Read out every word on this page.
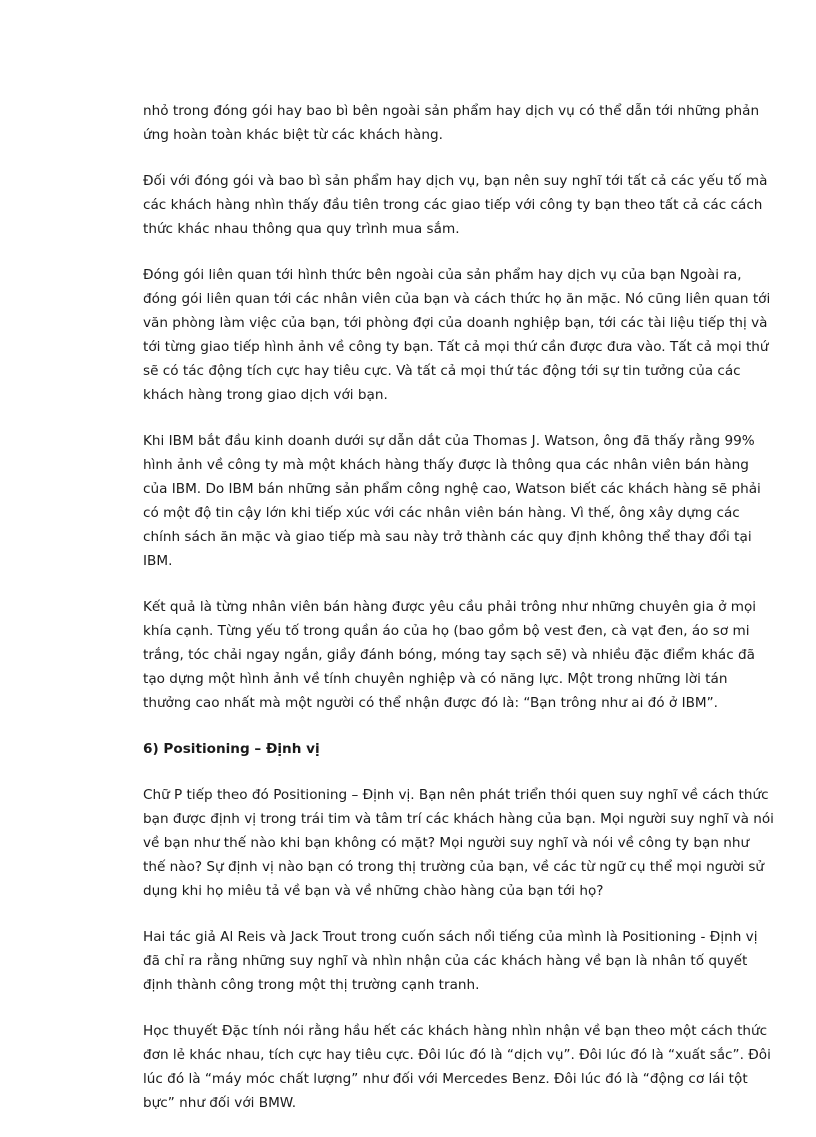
nhỏ trong đóng gói hay bao bì bên ngoài sản phẩm hay dịch vụ có thể dẫn tới những phản
ứng hoàn toàn khác biệt từ các khách hàng.

Đối với đóng gói và bao bì sản phẩm hay dịch vụ, bạn nên suy nghĩ tới tất cả các yếu tố mà
các khách hàng nhìn thấy đầu tiên trong các giao tiếp với công ty bạn theo tất cả các cách
thức khác nhau thông qua quy trình mua sắm.

Đóng gói liên quan tới hình thức bên ngoài của sản phẩm hay dịch vụ của bạn Ngoài ra,
đóng gói liên quan tới các nhân viên của bạn và cách thức họ ăn mặc. Nó cũng liên quan tới
văn phòng làm việc của bạn, tới phòng đợi của doanh nghiệp bạn, tới các tài liệu tiếp thị và
tới từng giao tiếp hình ảnh về công ty bạn. Tất cả mọi thứ cần được đưa vào. Tất cả mọi thứ
sẽ có tác động tích cực hay tiêu cực. Và tất cả mọi thứ tác động tới sự tin tưởng của các
khách hàng trong giao dịch với bạn.

Khi IBM bắt đầu kinh doanh dưới sự dẫn dắt của Thomas J. Watson, ông đã thấy rằng 99%
hình ảnh về công ty mà một khách hàng thấy được là thông qua các nhân viên bán hàng
của IBM. Do IBM bán những sản phẩm công nghệ cao, Watson biết các khách hàng sẽ phải
có một độ tin cậy lớn khi tiếp xúc với các nhân viên bán hàng. Vì thế, ông xây dựng các
chính sách ăn mặc và giao tiếp mà sau này trở thành các quy định không thể thay đổi tại
IBM.

Kết quả là từng nhân viên bán hàng được yêu cầu phải trông như những chuyên gia ở mọi
khía cạnh. Từng yếu tố trong quần áo của họ (bao gồm bộ vest đen, cà vạt đen, áo sơ mi
trắng, tóc chải ngay ngắn, giầy đánh bóng, móng tay sạch sẽ) và nhiều đặc điểm khác đã
tạo dựng một hình ảnh về tính chuyên nghiệp và có năng lực. Một trong những lời tán
thưởng cao nhất mà một người có thể nhận được đó là: “Bạn trông như ai đó ở IBM”.

6) Positioning – Định vị

Chữ P tiếp theo đó Positioning – Định vị. Bạn nên phát triển thói quen suy nghĩ về cách thức
bạn được định vị trong trái tim và tâm trí các khách hàng của bạn. Mọi người suy nghĩ và nói
về bạn như thế nào khi bạn không có mặt? Mọi người suy nghĩ và nói về công ty bạn như
thế nào? Sự định vị nào bạn có trong thị trường của bạn, về các từ ngữ cụ thể mọi người sử
dụng khi họ miêu tả về bạn và về những chào hàng của bạn tới họ?

Hai tác giả Al Reis và Jack Trout trong cuốn sách nổi tiếng của mình là Positioning - Định vị
đã chỉ ra rằng những suy nghĩ và nhìn nhận của các khách hàng về bạn là nhân tố quyết
định thành công trong một thị trường cạnh tranh.

Học thuyết Đặc tính nói rằng hầu hết các khách hàng nhìn nhận về bạn theo một cách thức
đơn lẻ khác nhau, tích cực hay tiêu cực. Đôi lúc đó là “dịch vụ”. Đôi lúc đó là “xuất sắc”. Đôi
lúc đó là “máy móc chất lượng” như đối với Mercedes Benz. Đôi lúc đó là “động cơ lái tột
bực” như đối với BMW.
